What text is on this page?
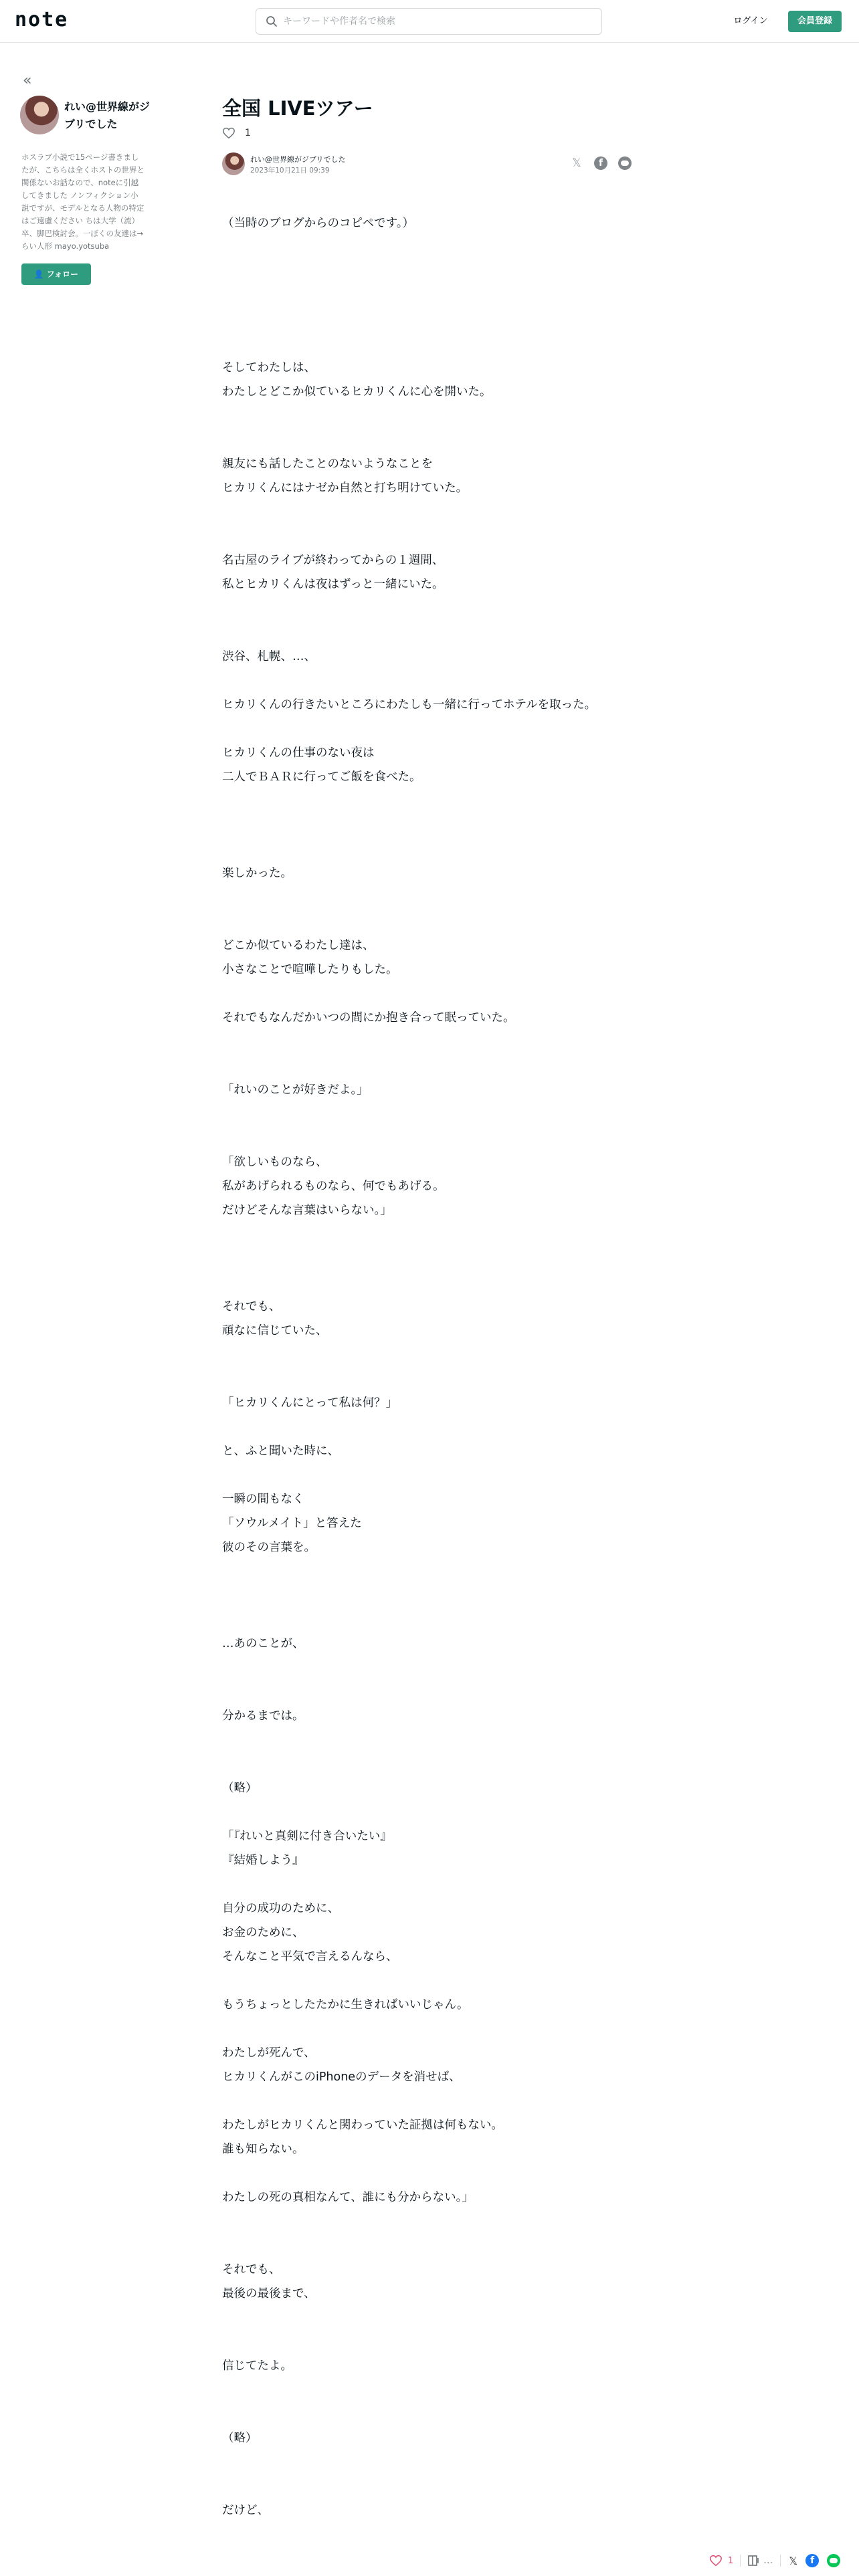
note
キーワードや作者名で検索	ログイン	会員登録
«
れい@世界線がジブリでした
ホスラブ小説で15ページ書きましたが、こちらは全くホストの世界と関係ないお話なので、noteに引越してきました ノンフィクション小説ですが、モデルとなる人物の特定はご遠慮ください ちは大学（流）卒、脚巴検討会。一ぼくの友達は→らい人形 mayo.yotsuba
👤 フォロー
全国 LIVEツアー
1
れい@世界線がジブリでした
2023年10月21日 09:39
𝕏	f
（当時のブログからのコピペです。）
そしてわたしは、
わたしとどこか似ているヒカリくんに心を開いた。
親友にも話したことのないようなことを
ヒカリくんにはナゼか自然と打ち明けていた。
名古屋のライブが終わってからの１週間、
私とヒカリくんは夜はずっと一緒にいた。
渋谷、札幌、…、
ヒカリくんの行きたいところにわたしも一緒に行ってホテルを取った。
ヒカリくんの仕事のない夜は
二人でＢＡＲに行ってご飯を食べた。
楽しかった。
どこか似ているわたし達は、
小さなことで喧嘩したりもした。
それでもなんだかいつの間にか抱き合って眠っていた。
「れいのことが好きだよ。」
「欲しいものなら、
私があげられるものなら、何でもあげる。
だけどそんな言葉はいらない。」
それでも、
頑なに信じていた、
「ヒカリくんにとって私は何？」
と、ふと聞いた時に、
一瞬の間もなく
「ソウルメイト」と答えた
彼のその言葉を。
…あのことが、
分かるまでは。
（略）
「『れいと真剣に付き合いたい』
『結婚しよう』
自分の成功のために、
お金のために、
そんなこと平気で言えるんなら、
もうちょっとしたたかに生きればいいじゃん。
わたしが死んで、
ヒカリくんがこのiPhoneのデータを消せば、
わたしがヒカリくんと関わっていた証拠は何もない。
誰も知らない。
わたしの死の真相なんて、誰にも分からない。」
それでも、
最後の最後まで、
信じてたよ。
（略）
だけど、
1	… 𝕏	f
